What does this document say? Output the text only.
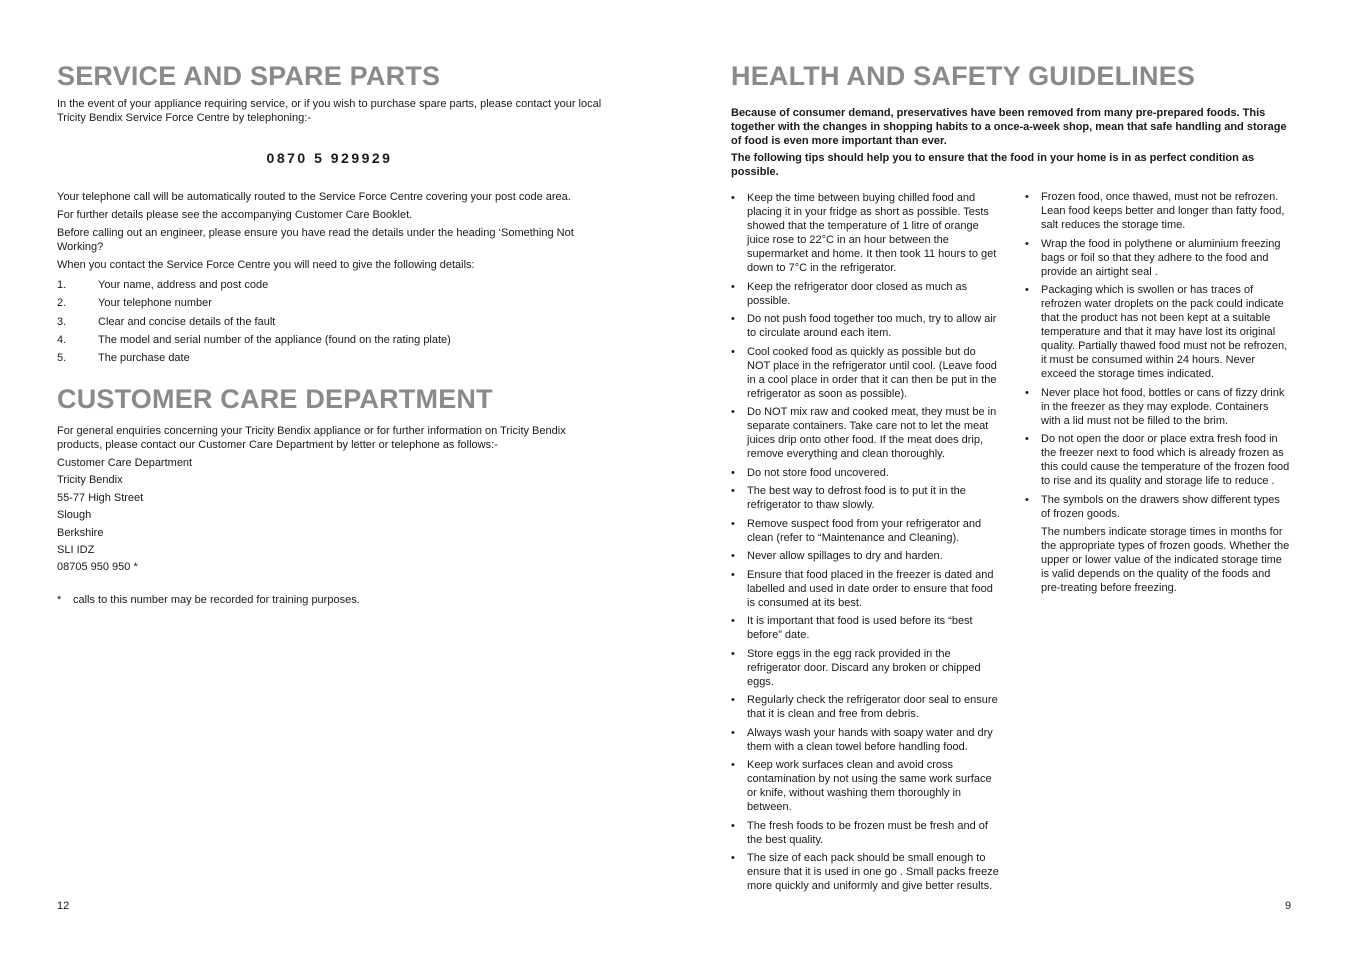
SERVICE AND SPARE PARTS

In the event of your appliance requiring service, or if you wish to purchase spare parts, please contact your local Tricity Bendix Service Force Centre by telephoning:-

0870 5 929929

Your telephone call will be automatically routed to the Service Force Centre covering your post code area.

For further details please see the accompanying Customer Care Booklet.

Before calling out an engineer, please ensure you have read the details under the heading ‘Something Not Working?

When you contact the Service Force Centre you will need to give the following details:

1.	Your name, address and post code
2.	Your telephone number
3.	Clear and concise details of the fault
4.	The model and serial number of the appliance (found on the rating plate)
5.	The purchase date
CUSTOMER CARE DEPARTMENT

For general enquiries concerning your Tricity Bendix appliance or for further information on Tricity Bendix products, please contact our Customer Care Department by letter or telephone as follows:-

Customer Care Department
Tricity Bendix
55-77 High Street
Slough
Berkshire
SLI IDZ
08705 950 950 *
*	calls to this number may be recorded for training purposes.
12
HEALTH AND SAFETY GUIDELINES

Because of consumer demand, preservatives have been removed from many pre-prepared foods. This together with the changes in shopping habits to a once-a-week shop, mean that safe handling and storage of food is even more important than ever.

The following tips should help you to ensure that the food in your home is in as perfect condition as possible.

• Keep the time between buying chilled food and placing it in your fridge as short as possible. Tests showed that the temperature of 1 litre of orange juice rose to 22°C in an hour between the supermarket and home. It then took 11 hours to get down to 7°C in the refrigerator.
• Keep the refrigerator door closed as much as possible.
• Do not push food together too much, try to allow air to circulate around each item.
• Cool cooked food as quickly as possible but do NOT place in the refrigerator until cool. (Leave food in a cool place in order that it can then be put in the refrigerator as soon as possible).
• Do NOT mix raw and cooked meat, they must be in separate containers. Take care not to let the meat juices drip onto other food. If the meat does drip, remove everything and clean thoroughly.
• Do not store food uncovered.
• The best way to defrost food is to put it in the refrigerator to thaw slowly.
• Remove suspect food from your refrigerator and clean (refer to “Maintenance and Cleaning).
• Never allow spillages to dry and harden.
• Ensure that food placed in the freezer is dated and labelled and used in date order to ensure that food is consumed at its best.
• It is important that food is used before its “best before” date.
• Store eggs in the egg rack provided in the refrigerator door. Discard any broken or chipped eggs.
• Regularly check the refrigerator door seal to ensure that it is clean and free from debris.
• Always wash your hands with soapy water and dry them with a clean towel before handling food.
• Keep work surfaces clean and avoid cross contamination by not using the same work surface or knife, without washing them thoroughly in between.
• The fresh foods to be frozen must be fresh and of the best quality.
• The size of each pack should be small enough to ensure that it is used in one go . Small packs freeze more quickly and uniformly and give better results.
• Frozen food, once thawed, must not be refrozen. Lean food keeps better and longer than fatty food, salt reduces the storage time.
• Wrap the food in polythene or aluminium freezing bags or foil so that they adhere to the food and provide an airtight seal .
• Packaging which is swollen or has traces of refrozen water droplets on the pack could indicate that the product has not been kept at a suitable temperature and that it may have lost its original quality. Partially thawed food must not be refrozen, it must be consumed within 24 hours. Never exceed the storage times indicated.
• Never place hot food, bottles or cans of fizzy drink in the freezer as they may explode. Containers with a lid must not be filled to the brim.
• Do not open the door or place extra fresh food in the freezer next to food which is already frozen as this could cause the temperature of the frozen food to rise and its quality and storage life to reduce .
• The symbols on the drawers show different types of frozen goods.
The numbers indicate storage times in months for the appropriate types of frozen goods. Whether the upper or lower value of the indicated storage time is valid depends on the quality of the foods and pre-treating before freezing.
9
